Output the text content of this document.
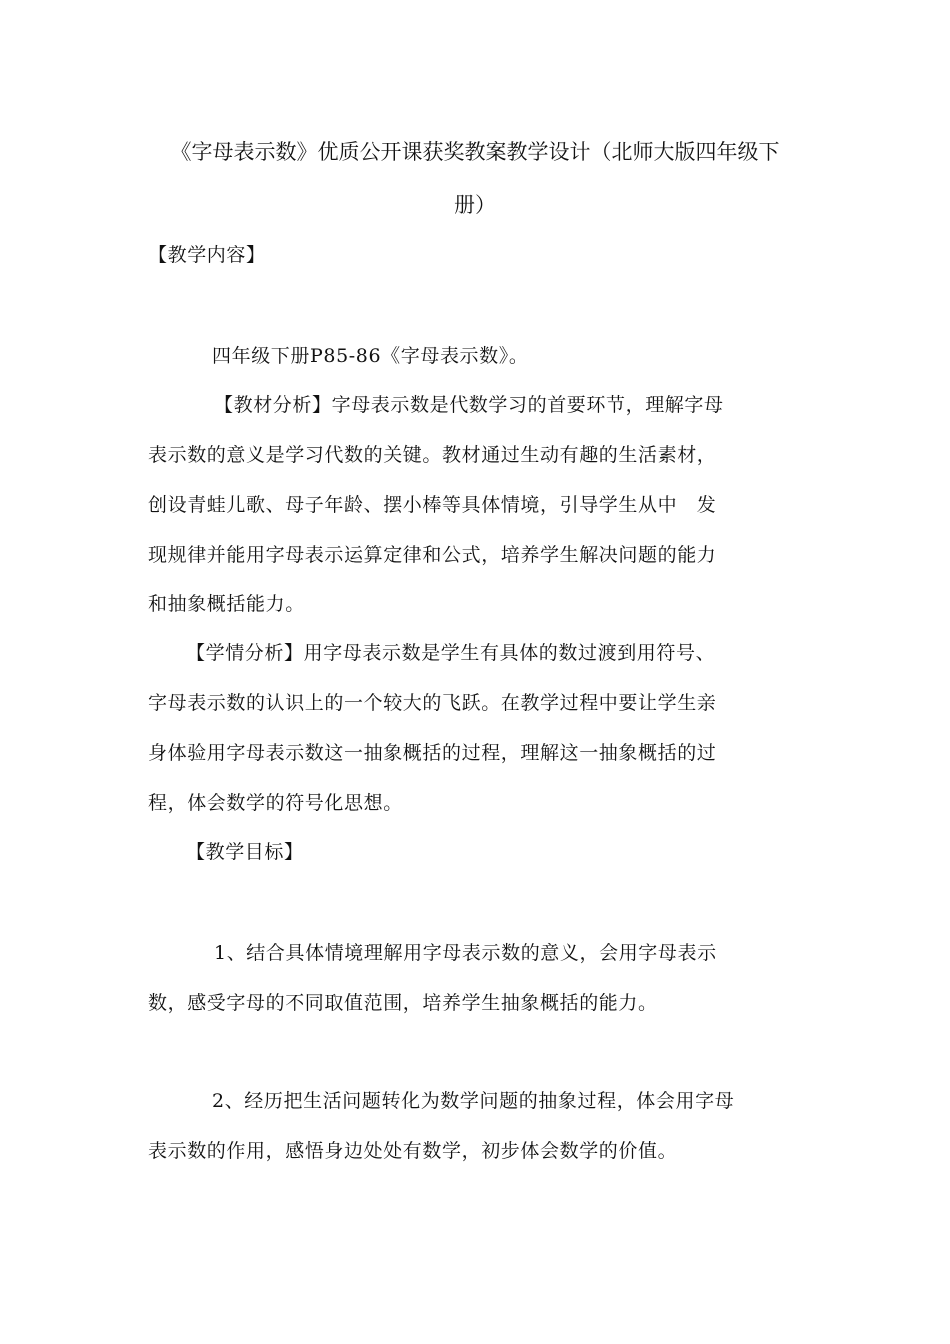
《字母表示数》优质公开课获奖教案教学设计（北师大版四年级下
册）
【教学内容】
四年级下册P85-86《字母表示数》。
【教材分析】字母表示数是代数学习的首要环节，理解字母
表示数的意义是学习代数的关键。教材通过生动有趣的生活素材，
创设青蛙儿歌、母子年龄、摆小棒等具体情境，引导学生从中　发
现规律并能用字母表示运算定律和公式，培养学生解决问题的能力
和抽象概括能力。
【学情分析】用字母表示数是学生有具体的数过渡到用符号、
字母表示数的认识上的一个较大的飞跃。在教学过程中要让学生亲
身体验用字母表示数这一抽象概括的过程，理解这一抽象概括的过
程，体会数学的符号化思想。
【教学目标】
1、结合具体情境理解用字母表示数的意义，会用字母表示
数，感受字母的不同取值范围，培养学生抽象概括的能力。
2、经历把生活问题转化为数学问题的抽象过程，体会用字母
表示数的作用，感悟身边处处有数学，初步体会数学的价值。
